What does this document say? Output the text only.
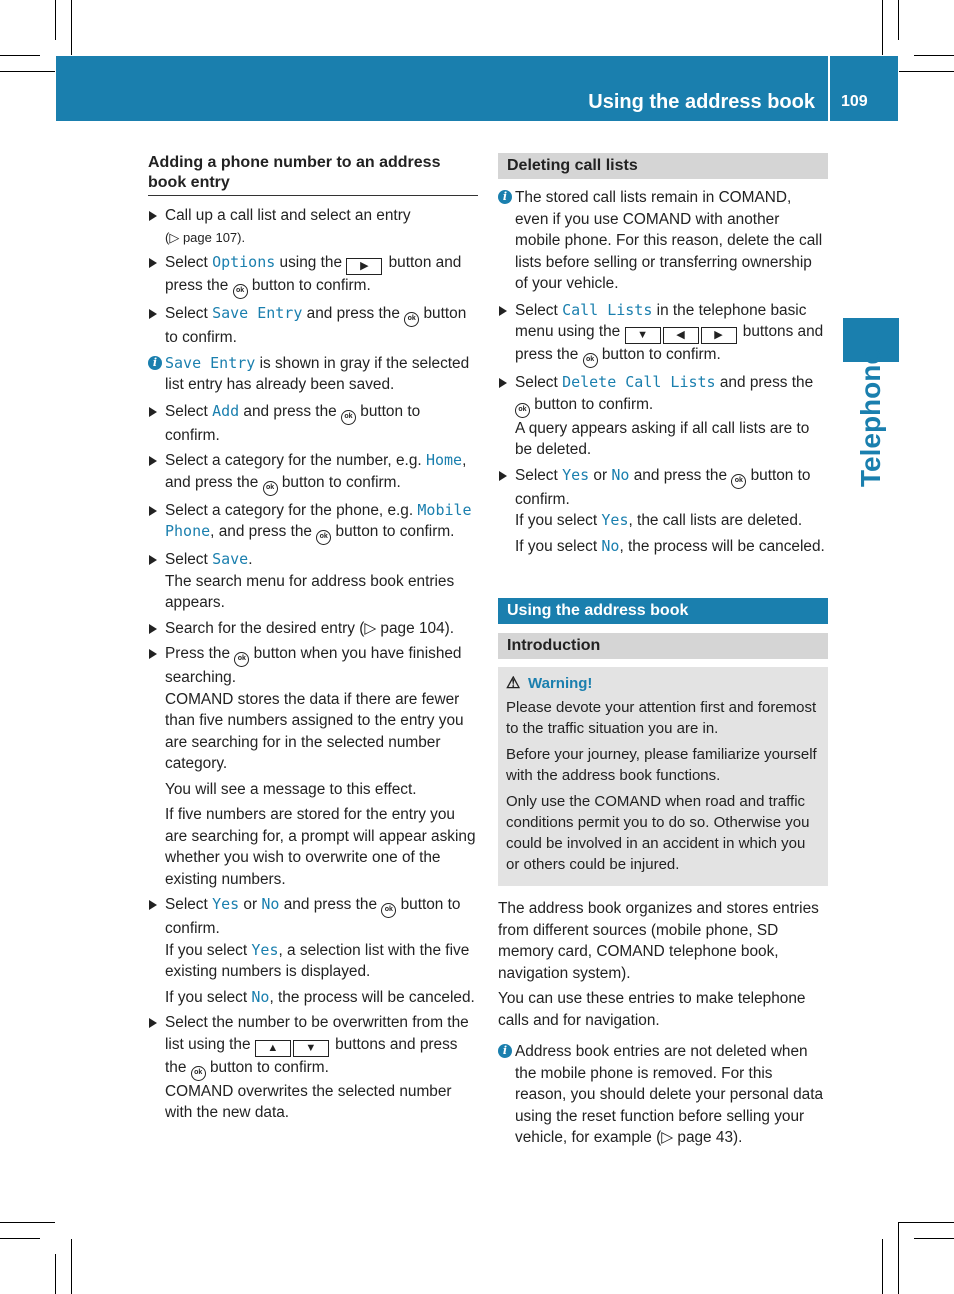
Using the address book 109
Telephone
Adding a phone number to an address book entry
Call up a call list and select an entry
(▷ page 107).
Select Options using the ▶ button and press the ok button to confirm.
Select Save Entry and press the ok button to confirm.
i Save Entry is shown in gray if the selected list entry has already been saved.
Select Add and press the ok button to confirm.
Select a category for the number, e.g. Home, and press the ok button to confirm.
Select a category for the phone, e.g. Mobile Phone, and press the ok button to confirm.
Select Save.
The search menu for address book entries appears.
Search for the desired entry (▷ page 104).
Press the ok button when you have finished searching.
COMAND stores the data if there are fewer than five numbers assigned to the entry you are searching for in the selected number category.
You will see a message to this effect.
If five numbers are stored for the entry you are searching for, a prompt will appear asking whether you wish to overwrite one of the existing numbers.
Select Yes or No and press the ok button to confirm.
If you select Yes, a selection list with the five existing numbers is displayed.
If you select No, the process will be canceled.
Select the number to be overwritten from the list using the ▲ ▼ buttons and press the ok button to confirm.
COMAND overwrites the selected number with the new data.
Deleting call lists
i The stored call lists remain in COMAND, even if you use COMAND with another mobile phone. For this reason, delete the call lists before selling or transferring ownership of your vehicle.
Select Call Lists in the telephone basic menu using the ▼	◀	▶ buttons and press the ok button to confirm.
Select Delete Call Lists and press the ok button to confirm.
A query appears asking if all call lists are to be deleted.
Select Yes or No and press the ok button to confirm.
If you select Yes, the call lists are deleted.
If you select No, the process will be canceled.
Using the address book
Introduction
⚠ Warning!

Please devote your attention first and foremost to the traffic situation you are in.

Before your journey, please familiarize yourself with the address book functions.

Only use the COMAND when road and traffic conditions permit you to do so. Otherwise you could be involved in an accident in which you or others could be injured.

The address book organizes and stores entries from different sources (mobile phone, SD memory card, COMAND telephone book, navigation system).
You can use these entries to make telephone calls and for navigation.
i Address book entries are not deleted when the mobile phone is removed. For this reason, you should delete your personal data using the reset function before selling your vehicle, for example (▷ page 43).
